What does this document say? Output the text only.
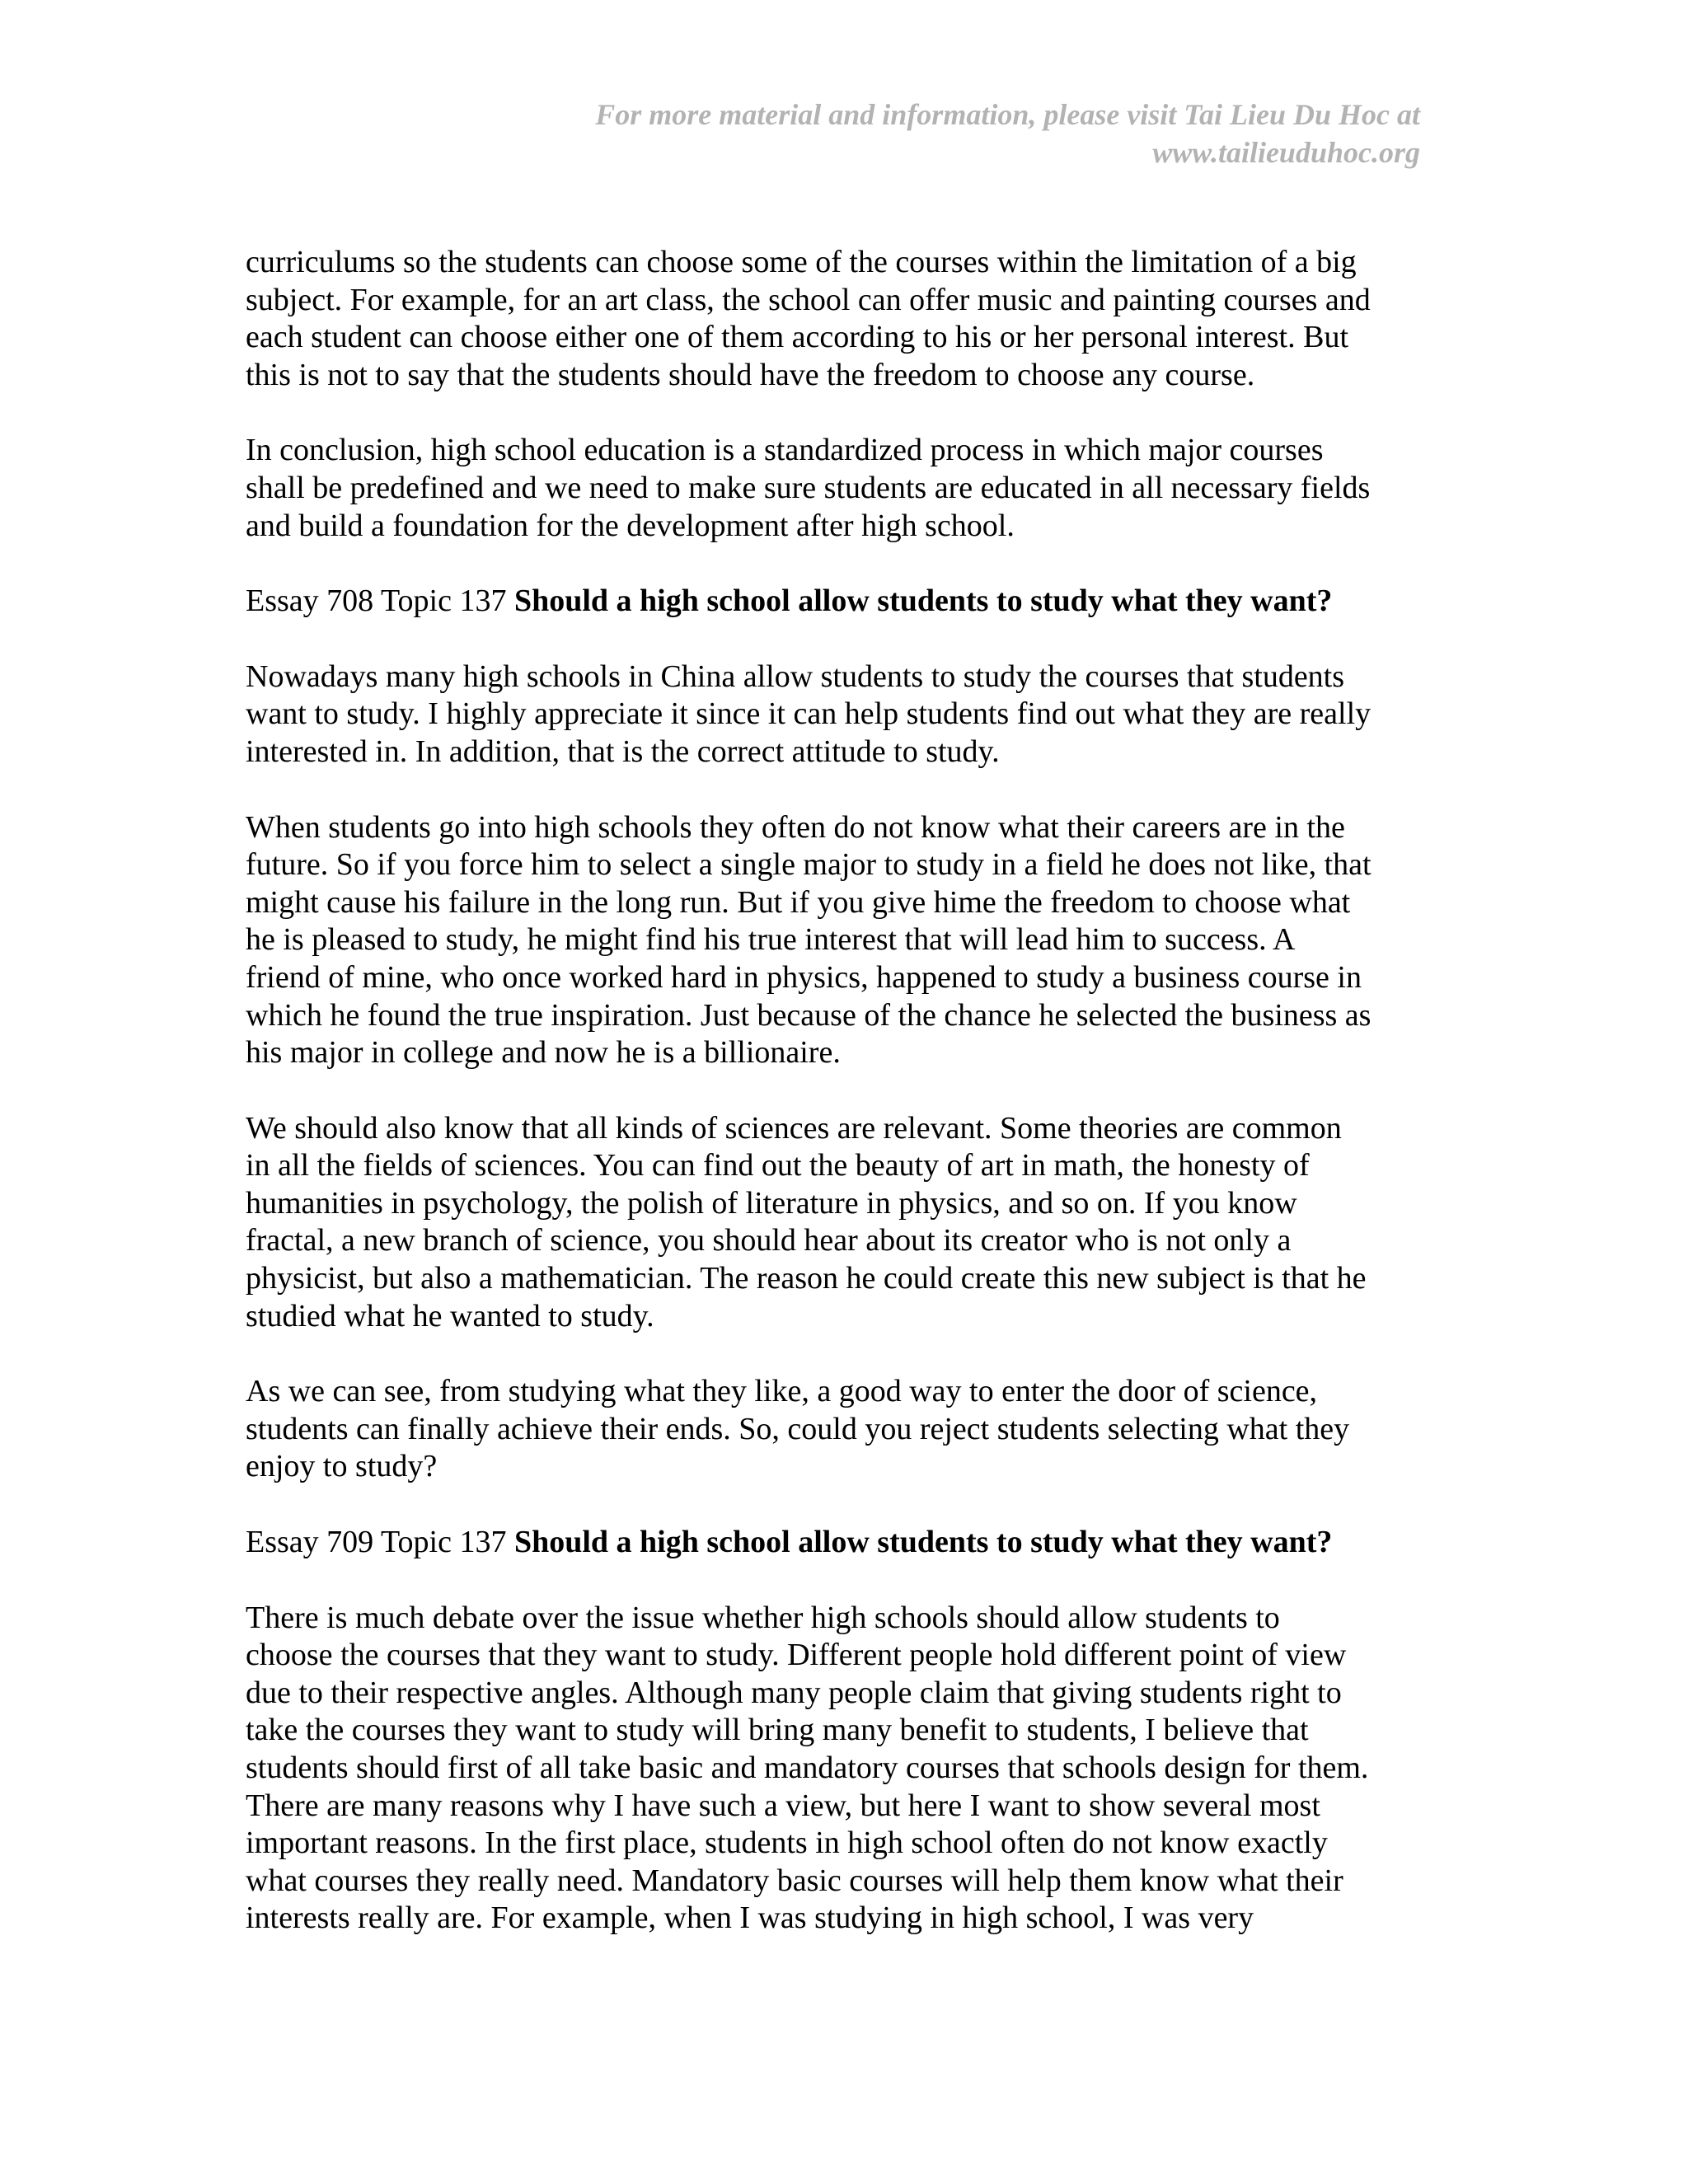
For more material and information, please visit Tai Lieu Du Hoc at
www.tailieuduhoc.org
curriculums so the students can choose some of the courses within the limitation of a big
subject. For example, for an art class, the school can offer music and painting courses and
each student can choose either one of them according to his or her personal interest. But
this is not to say that the students should have the freedom to choose any course.
In conclusion, high school education is a standardized process in which major courses
shall be predefined and we need to make sure students are educated in all necessary fields
and build a foundation for the development after high school.
Essay 708 Topic 137 Should a high school allow students to study what they want?
Nowadays many high schools in China allow students to study the courses that students
want to study. I highly appreciate it since it can help students find out what they are really
interested in. In addition, that is the correct attitude to study.
When students go into high schools they often do not know what their careers are in the
future. So if you force him to select a single major to study in a field he does not like, that
might cause his failure in the long run. But if you give hime the freedom to choose what
he is pleased to study, he might find his true interest that will lead him to success. A
friend of mine, who once worked hard in physics, happened to study a business course in
which he found the true inspiration. Just because of the chance he selected the business as
his major in college and now he is a billionaire.
We should also know that all kinds of sciences are relevant. Some theories are common
in all the fields of sciences. You can find out the beauty of art in math, the honesty of
humanities in psychology, the polish of literature in physics, and so on. If you know
fractal, a new branch of science, you should hear about its creator who is not only a
physicist, but also a mathematician. The reason he could create this new subject is that he
studied what he wanted to study.
As we can see, from studying what they like, a good way to enter the door of science,
students can finally achieve their ends. So, could you reject students selecting what they
enjoy to study?
Essay 709 Topic 137 Should a high school allow students to study what they want?
There is much debate over the issue whether high schools should allow students to
choose the courses that they want to study. Different people hold different point of view
due to their respective angles. Although many people claim that giving students right to
take the courses they want to study will bring many benefit to students, I believe that
students should first of all take basic and mandatory courses that schools design for them.
There are many reasons why I have such a view, but here I want to show several most
important reasons. In the first place, students in high school often do not know exactly
what courses they really need. Mandatory basic courses will help them know what their
interests really are. For example, when I was studying in high school, I was very
